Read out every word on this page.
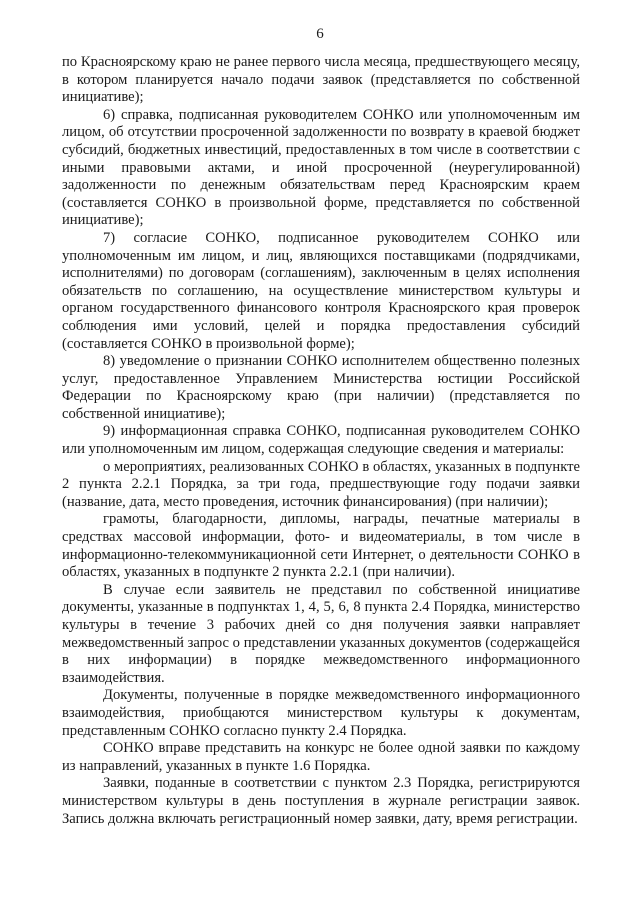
6

по Красноярскому краю не ранее первого числа месяца, предшествующего месяцу, в котором планируется начало подачи заявок (представляется по собственной инициативе);

6) справка, подписанная руководителем СОНКО или уполномоченным им лицом, об отсутствии просроченной задолженности по возврату в краевой бюджет субсидий, бюджетных инвестиций, предоставленных в том числе в соответствии с иными правовыми актами, и иной просроченной (неурегулированной) задолженности по денежным обязательствам перед Красноярским краем (составляется СОНКО в произвольной форме, представляется по собственной инициативе);

7) согласие СОНКО, подписанное руководителем СОНКО или уполномоченным им лицом, и лиц, являющихся поставщиками (подрядчиками, исполнителями) по договорам (соглашениям), заключенным в целях исполнения обязательств по соглашению, на осуществление министерством культуры и органом государственного финансового контроля Красноярского края проверок соблюдения ими условий, целей и порядка предоставления субсидий (составляется СОНКО в произвольной форме);

8) уведомление о признании СОНКО исполнителем общественно полезных услуг, предоставленное Управлением Министерства юстиции Российской Федерации по Красноярскому краю (при наличии) (представляется по собственной инициативе);

9) информационная справка СОНКО, подписанная руководителем СОНКО или уполномоченным им лицом, содержащая следующие сведения и материалы:

о мероприятиях, реализованных СОНКО в областях, указанных в подпункте 2 пункта 2.2.1 Порядка, за три года, предшествующие году подачи заявки (название, дата, место проведения, источник финансирования) (при наличии);

грамоты, благодарности, дипломы, награды, печатные материалы в средствах массовой информации, фото- и видеоматериалы, в том числе в информационно-телекоммуникационной сети Интернет, о деятельности СОНКО в областях, указанных в подпункте 2 пункта 2.2.1 (при наличии).

В случае если заявитель не представил по собственной инициативе документы, указанные в подпунктах 1, 4, 5, 6, 8 пункта 2.4 Порядка, министерство культуры в течение 3 рабочих дней со дня получения заявки направляет межведомственный запрос о представлении указанных документов (содержащейся в них информации) в порядке межведомственного информационного взаимодействия.

Документы, полученные в порядке межведомственного информационного взаимодействия, приобщаются министерством культуры к документам, представленным СОНКО согласно пункту 2.4 Порядка.

СОНКО вправе представить на конкурс не более одной заявки по каждому из направлений, указанных в пункте 1.6 Порядка.

Заявки, поданные в соответствии с пунктом 2.3 Порядка, регистрируются министерством культуры в день поступления в журнале регистрации заявок. Запись должна включать регистрационный номер заявки, дату, время регистрации.
